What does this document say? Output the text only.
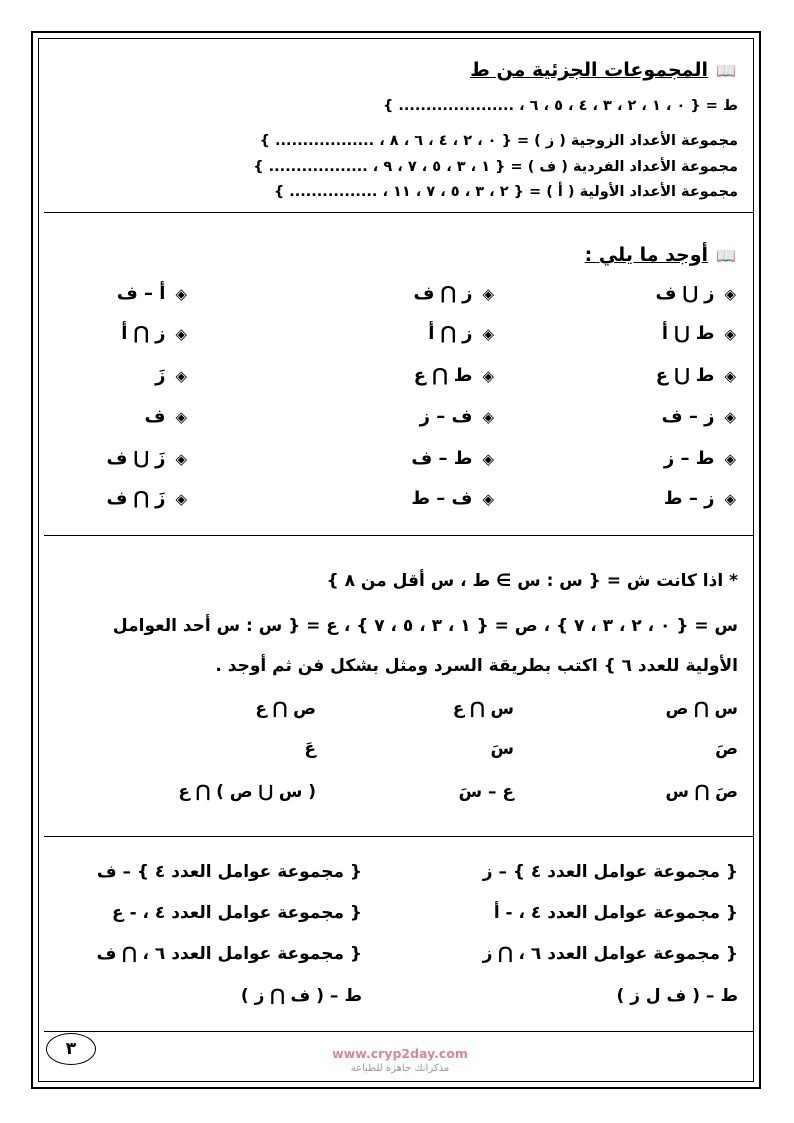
📖المجموعات الجزئية من ط
ط = { ٠ ، ١ ، ٢ ، ٣ ، ٤ ، ٥ ، ٦ ، ..................... }
مجموعة الأعداد الزوجية ( ز ) = { ٠ ، ٢ ، ٤ ، ٦ ، ٨ ، .................. }
مجموعة الأعداد الفردية ( ف ) = { ١ ، ٣ ، ٥ ، ٧ ، ٩ ، .................. }
مجموعة الأعداد الأولية ( أ ) = { ٢ ، ٣ ، ٥ ، ٧ ، ١١ ، ................ }
📖أوجد ما يلي :
◈ز ⋃ ف
◈ز ⋂ ف
◈أ – ف
◈ط ⋃ أ
◈ز ⋂ أ
◈ز ⋂ أ
◈ط ⋃ ع
◈ط ⋂ ع
◈زَ
◈ز – ف
◈ف – ز
◈ف
◈ط – ز
◈ط – ف
◈زَ ⋃ ف
◈ز – ط
◈ف – ط
◈زَ ⋂ ف
* اذا كانت ش = { س : س ∋ ط ، س أقل من ٨ }
س = { ٠ ، ٢ ، ٣ ، ٧ } ، ص = { ١ ، ٣ ، ٥ ، ٧ } ، ع = { س : س أحد العوامل
الأولية للعدد ٦ } اكتب بطريقة السرد ومثل بشكل فن ثم أوجد .
س ⋂ ص
س ⋂ ع
ص ⋂ ع
صَ
سَ
عَ
صَ ⋂ س
ع – سَ
( س ⋃ ص ) ⋂ ع
{ مجموعة عوامل العدد ٤ } – ز
{ مجموعة عوامل العدد ٤ } – ف
{ مجموعة عوامل العدد ٤ ، - أ
{ مجموعة عوامل العدد ٤ ، - ع
{ مجموعة عوامل العدد ٦ ، ⋂ ز
{ مجموعة عوامل العدد ٦ ، ⋂ ف
ط – ( ف ل ز )
ط – ( ف ⋂ ز )
٣	www.cryp2day.com
مذكراتك جاهزة للطباعة
